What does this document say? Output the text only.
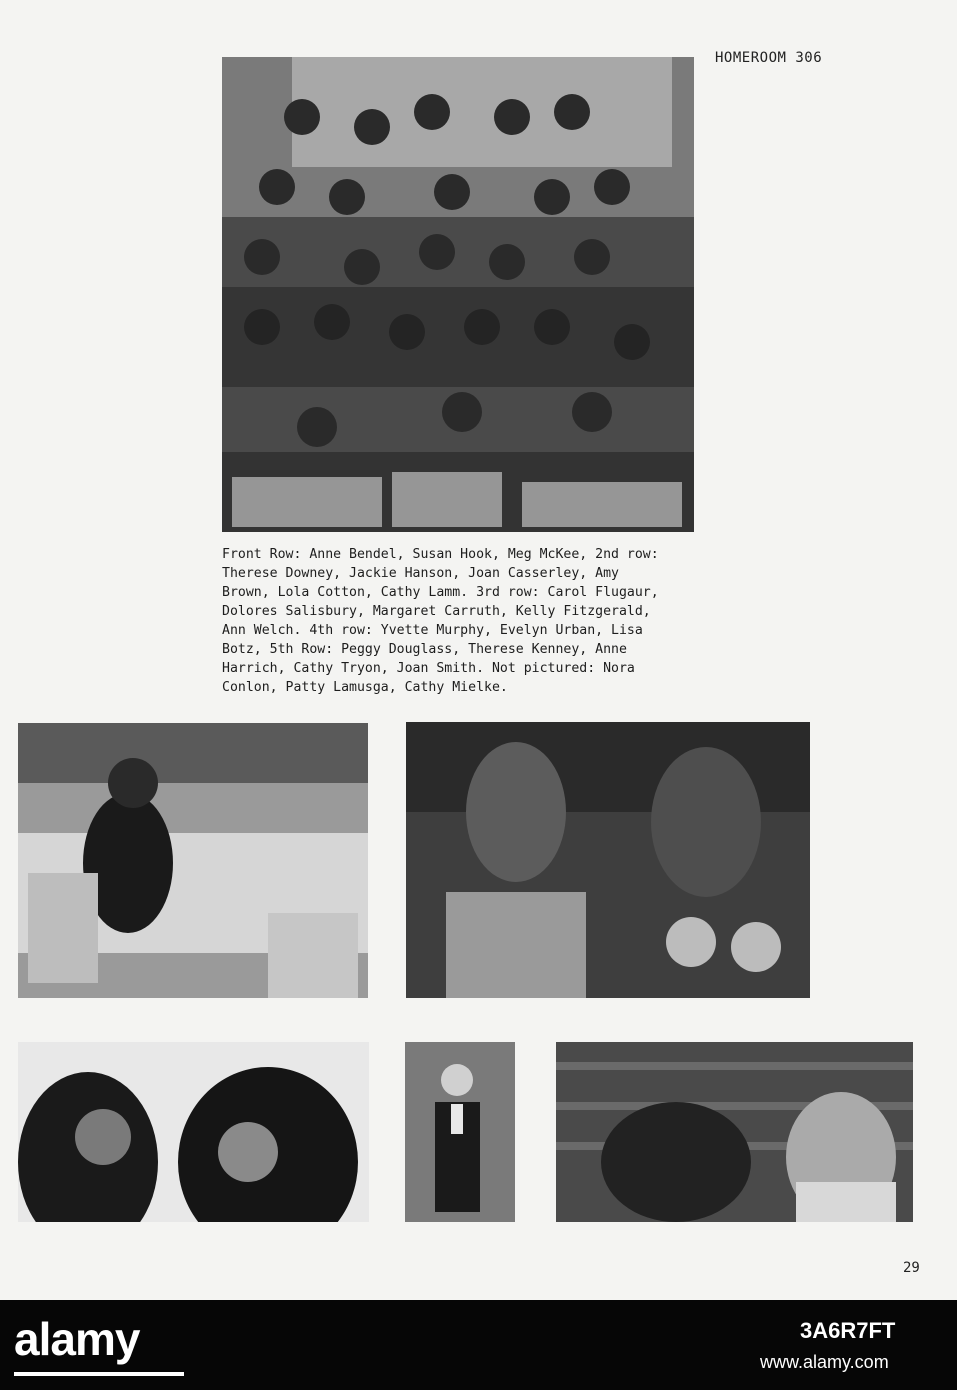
HOMEROOM 306
Front Row: Anne Bendel, Susan Hook, Meg McKee, 2nd row:
Therese Downey, Jackie Hanson, Joan Casserley, Amy
Brown, Lola Cotton, Cathy Lamm. 3rd row: Carol Flugaur,
Dolores Salisbury, Margaret Carruth, Kelly Fitzgerald,
Ann Welch. 4th row: Yvette Murphy, Evelyn Urban, Lisa
Botz, 5th Row: Peggy Douglass, Therese Kenney, Anne
Harrich, Cathy Tryon, Joan Smith. Not pictured: Nora
Conlon, Patty Lamusga, Cathy Mielke.
29
alamy	3A6R7FT
www.alamy.com
